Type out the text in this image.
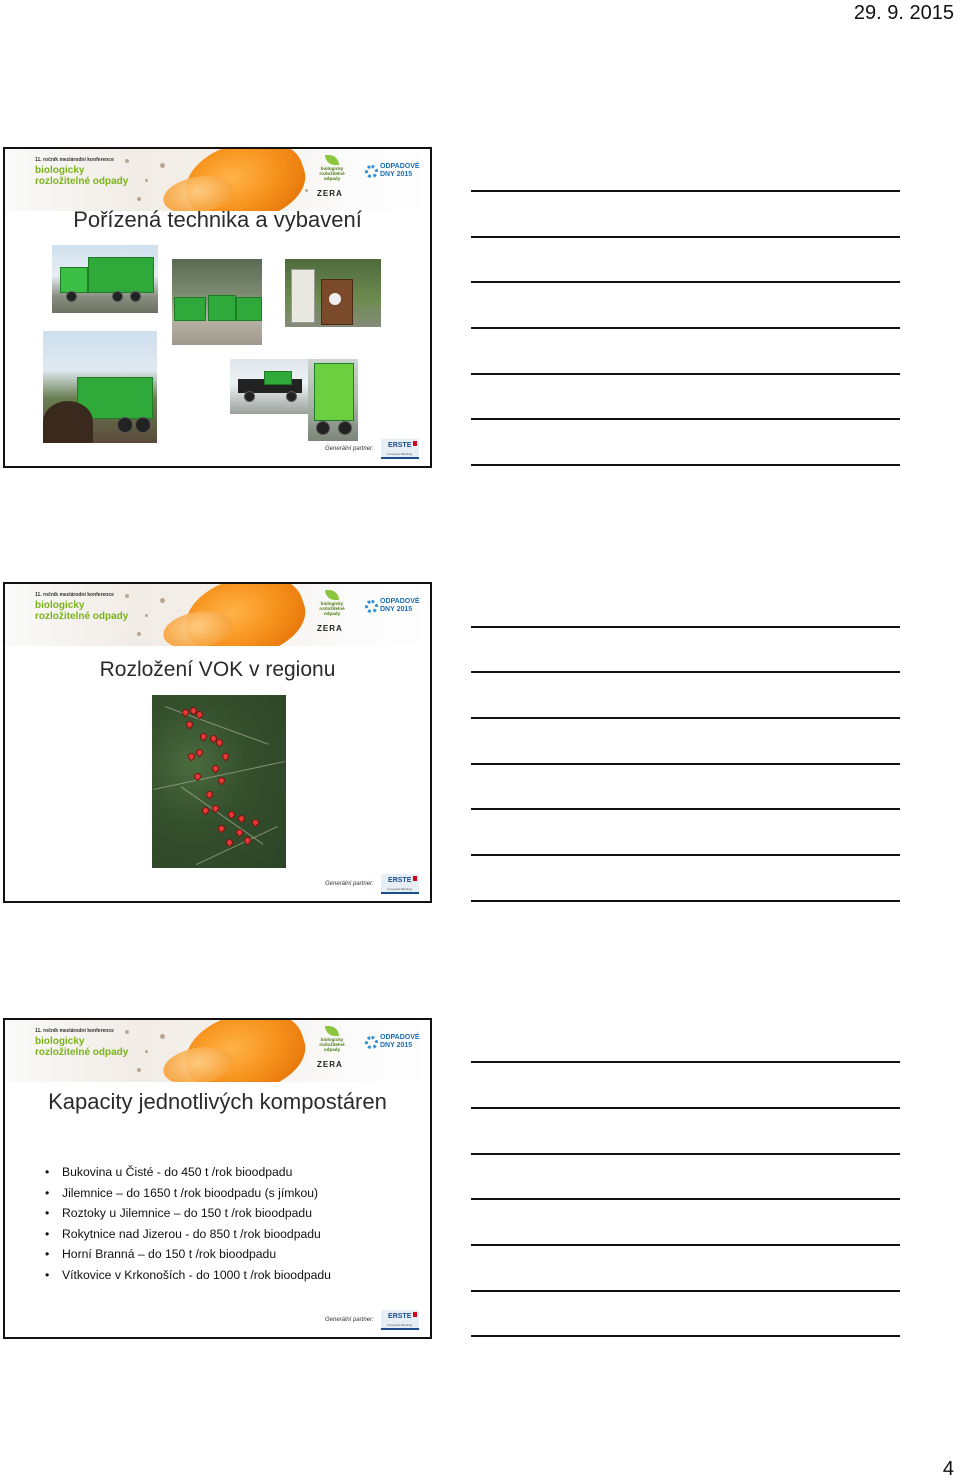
29. 9. 2015
11. ročník meziárodní konference
biologicky
rozložitelné odpady
biologicky
rozložitelné
odpady
ZERA
ODPADOVÉ
DNY 2015
Pořízená technika a vybavení
Generální partner:	ERSTE
Corporate Banking
11. ročník meziárodní konference
biologicky
rozložitelné odpady
biologicky
rozložitelné
odpady
ZERA
ODPADOVÉ
DNY 2015
Rozložení VOK v regionu
Generální partner:	ERSTE
Corporate Banking
11. ročník meziárodní konference
biologicky
rozložitelné odpady
biologicky
rozložitelné
odpady
ZERA
ODPADOVÉ
DNY 2015
Kapacity jednotlivých kompostáren
• Bukovina u Čisté - do 450 t /rok bioodpadu
• Jilemnice – do 1650 t /rok bioodpadu (s jímkou)
• Roztoky u Jilemnice – do 150 t /rok bioodpadu
• Rokytnice nad Jizerou - do 850 t /rok bioodpadu
• Horní Branná – do 150 t /rok bioodpadu
• Vítkovice v Krkonoších - do 1000 t /rok bioodpadu
Generální partner:	ERSTE
Corporate Banking
4
